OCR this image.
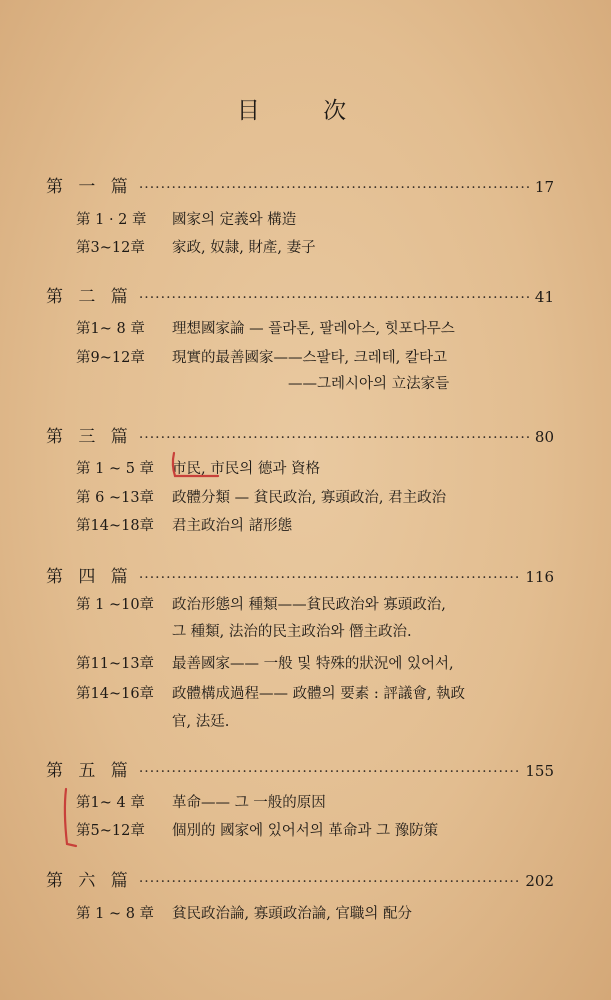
目 次
第 一 篇 ·····	17
第 1 · 2 章 國家의 定義와 構造
第3~12章 家政, 奴隷, 財產, 妻子
第 二 篇 ·····	41
第1~ 8 章 理想國家論 — 플라톤, 팔레아스, 힛포다무스
第9~12章 現實的最善國家——스팔타, 크레테, 칼타고
——그레시아의 立法家들
第 三 篇 ·····	80
第 1 ~ 5 章 市民, 市民의 德과 資格
第 6 ~13章 政體分類 — 貧民政治, 寡頭政治, 君主政治
第14~18章 君主政治의 諸形態
第 四 篇 ·····	116
第 1 ~10章 政治形態의 種類——貧民政治와 寡頭政治,
그 種類, 法治的民主政治와 僭主政治.
第11~13章 最善國家—— 一般 및 特殊的狀況에 있어서,
第14~16章 政體構成過程—— 政體의 要素 : 評議會, 執政
官, 法廷.
第 五 篇 ·····	155
第1~ 4 章 革命—— 그 一般的原因
第5~12章 個別的 國家에 있어서의 革命과 그 豫防策
第 六 篇 ·····	202
第 1 ~ 8 章 貧民政治論, 寡頭政治論, 官職의 配分
